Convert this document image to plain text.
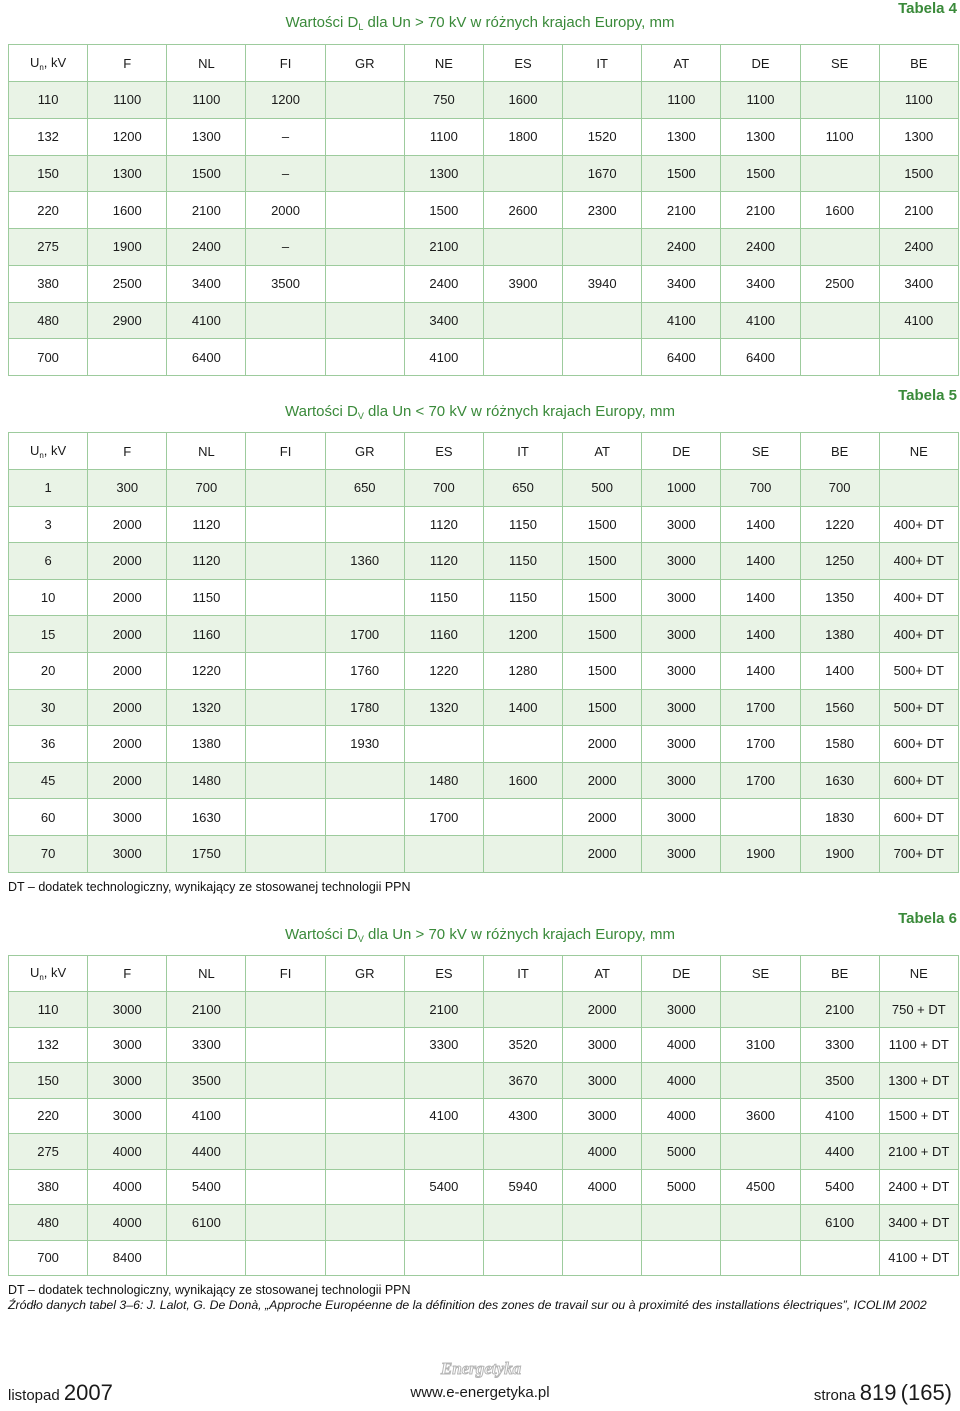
Tabela 4
Wartości $D_L$ dla Un > 70 kV w różnych krajach Europy, mm
$U_n$, kV	F	NL	FI	GR	NE	ES	IT	AT	DE	SE	BE
110	1100	1100	1200		750	1600		1100	1100		1100
132	1200	1300	–		1100	1800	1520	1300	1300	1100	1300
150	1300	1500	–		1300		1670	1500	1500		1500
220	1600	2100	2000		1500	2600	2300	2100	2100	1600	2100
275	1900	2400	–		2100			2400	2400		2400
380	2500	3400	3500		2400	3900	3940	3400	3400	2500	3400
480	2900	4100			3400			4100	4100		4100
700		6400			4100			6400	6400		
Tabela 5
Wartości $D_V$ dla Un < 70 kV w różnych krajach Europy, mm
$U_n$, kV	F	NL	FI	GR	ES	IT	AT	DE	SE	BE	NE
1	300	700		650	700	650	500	1000	700	700	
3	2000	1120			1120	1150	1500	3000	1400	1220	400+ DT
6	2000	1120		1360	1120	1150	1500	3000	1400	1250	400+ DT
10	2000	1150			1150	1150	1500	3000	1400	1350	400+ DT
15	2000	1160		1700	1160	1200	1500	3000	1400	1380	400+ DT
20	2000	1220		1760	1220	1280	1500	3000	1400	1400	500+ DT
30	2000	1320		1780	1320	1400	1500	3000	1700	1560	500+ DT
36	2000	1380		1930			2000	3000	1700	1580	600+ DT
45	2000	1480			1480	1600	2000	3000	1700	1630	600+ DT
60	3000	1630			1700		2000	3000		1830	600+ DT
70	3000	1750					2000	3000	1900	1900	700+ DT
DT – dodatek technologiczny, wynikający ze stosowanej technologii PPN
Tabela 6
Wartości $D_V$ dla Un > 70 kV w różnych krajach Europy, mm
$U_n$, kV	F	NL	FI	GR	ES	IT	AT	DE	SE	BE	NE
110	3000	2100			2100		2000	3000		2100	750 + DT
132	3000	3300			3300	3520	3000	4000	3100	3300	1100 + DT
150	3000	3500				3670	3000	4000		3500	1300 + DT
220	3000	4100			4100	4300	3000	4000	3600	4100	1500 + DT
275	4000	4400					4000	5000		4400	2100 + DT
380	4000	5400			5400	5940	4000	5000	4500	5400	2400 + DT
480	4000	6100								6100	3400 + DT
700	8400										4100 + DT
DT – dodatek technologiczny, wynikający ze stosowanej technologii PPN
Źródło danych tabel 3–6: J. Lalot, G. De Donà, „Approche Européenne de la définition des zones de travail sur ou à proximité des installations électriques”, ICOLIM 2002
Energetyka
listopad 2007	www.e-energetyka.pl	strona 819 (165)
